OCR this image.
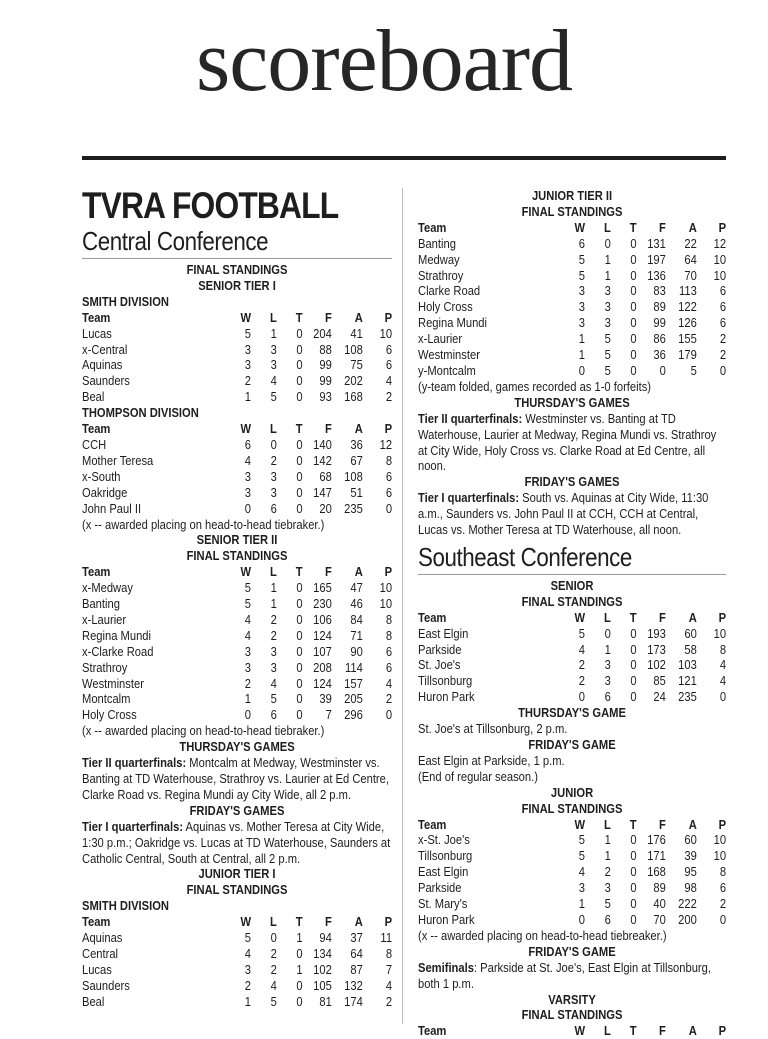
scoreboard
TVRA FOOTBALL
Central Conference
FINAL STANDINGS
SENIOR TIER I
SMITH DIVISION
Team	W	L	T	F	A	P
Lucas	5	1	0	204	41	10
x-Central	3	3	0	88	108	6
Aquinas	3	3	0	99	75	6
Saunders	2	4	0	99	202	4
Beal	1	5	0	93	168	2
THOMPSON DIVISION
Team	W	L	T	F	A	P
CCH	6	0	0	140	36	12
Mother Teresa	4	2	0	142	67	8
x-South	3	3	0	68	108	6
Oakridge	3	3	0	147	51	6
John Paul II	0	6	0	20	235	0
(x -- awarded placing on head-to-head tiebraker.)
SENIOR TIER II
FINAL STANDINGS
Team	W	L	T	F	A	P
x-Medway	5	1	0	165	47	10
Banting	5	1	0	230	46	10
x-Laurier	4	2	0	106	84	8
Regina Mundi	4	2	0	124	71	8
x-Clarke Road	3	3	0	107	90	6
Strathroy	3	3	0	208	114	6
Westminster	2	4	0	124	157	4
Montcalm	1	5	0	39	205	2
Holy Cross	0	6	0	7	296	0
(x -- awarded placing on head-to-head tiebraker.)
THURSDAY'S GAMES

Tier II quarterfinals: Montcalm at Medway, Westminster vs. Banting at TD Waterhouse, Strathroy vs. Laurier at Ed Centre, Clarke Road vs. Regina Mundi ay City Wide, all 2 p.m.

FRIDAY'S GAMES

Tier I quarterfinals: Aquinas vs. Mother Teresa at City Wide, 1:30 p.m.; Oakridge vs. Lucas at TD Waterhouse, Saunders at Catholic Central, South at Central, all 2 p.m.

JUNIOR TIER I
FINAL STANDINGS
SMITH DIVISION
Team	W	L	T	F	A	P
Aquinas	5	0	1	94	37	11
Central	4	2	0	134	64	8
Lucas	3	2	1	102	87	7
Saunders	2	4	0	105	132	4
Beal	1	5	0	81	174	2
JUNIOR TIER II
FINAL STANDINGS
Team	W	L	T	F	A	P
Banting	6	0	0	131	22	12
Medway	5	1	0	197	64	10
Strathroy	5	1	0	136	70	10
Clarke Road	3	3	0	83	113	6
Holy Cross	3	3	0	89	122	6
Regina Mundi	3	3	0	99	126	6
x-Laurier	1	5	0	86	155	2
Westminster	1	5	0	36	179	2
y-Montcalm	0	5	0	0	5	0
(y-team folded, games recorded as 1-0 forfeits)
THURSDAY'S GAMES

Tier II quarterfinals: Westminster vs. Banting at TD Waterhouse, Laurier at Medway, Regina Mundi vs. Strathroy at City Wide, Holy Cross vs. Clarke Road at Ed Centre, all noon.

FRIDAY'S GAMES

Tier I quarterfinals: South vs. Aquinas at City Wide, 11:30 a.m., Saunders vs. John Paul II at CCH, CCH at Central, Lucas vs. Mother Teresa at TD Waterhouse, all noon.

Southeast Conference
SENIOR
FINAL STANDINGS
Team	W	L	T	F	A	P
East Elgin	5	0	0	193	60	10
Parkside	4	1	0	173	58	8
St. Joe's	2	3	0	102	103	4
Tillsonburg	2	3	0	85	121	4
Huron Park	0	6	0	24	235	0
THURSDAY'S GAME
St. Joe's at Tillsonburg, 2 p.m.
FRIDAY'S GAME
East Elgin at Parkside, 1 p.m.
(End of regular season.)
JUNIOR
FINAL STANDINGS
Team	W	L	T	F	A	P
x-St. Joe's	5	1	0	176	60	10
Tillsonburg	5	1	0	171	39	10
East Elgin	4	2	0	168	95	8
Parkside	3	3	0	89	98	6
St. Mary's	1	5	0	40	222	2
Huron Park	0	6	0	70	200	0
(x -- awarded placing on head-to-head tiebreaker.)
FRIDAY'S GAME

Semifinals: Parkside at St. Joe's, East Elgin at Tillsonburg, both 1 p.m.

VARSITY
FINAL STANDINGS
Team	W	L	T	F	A	P
